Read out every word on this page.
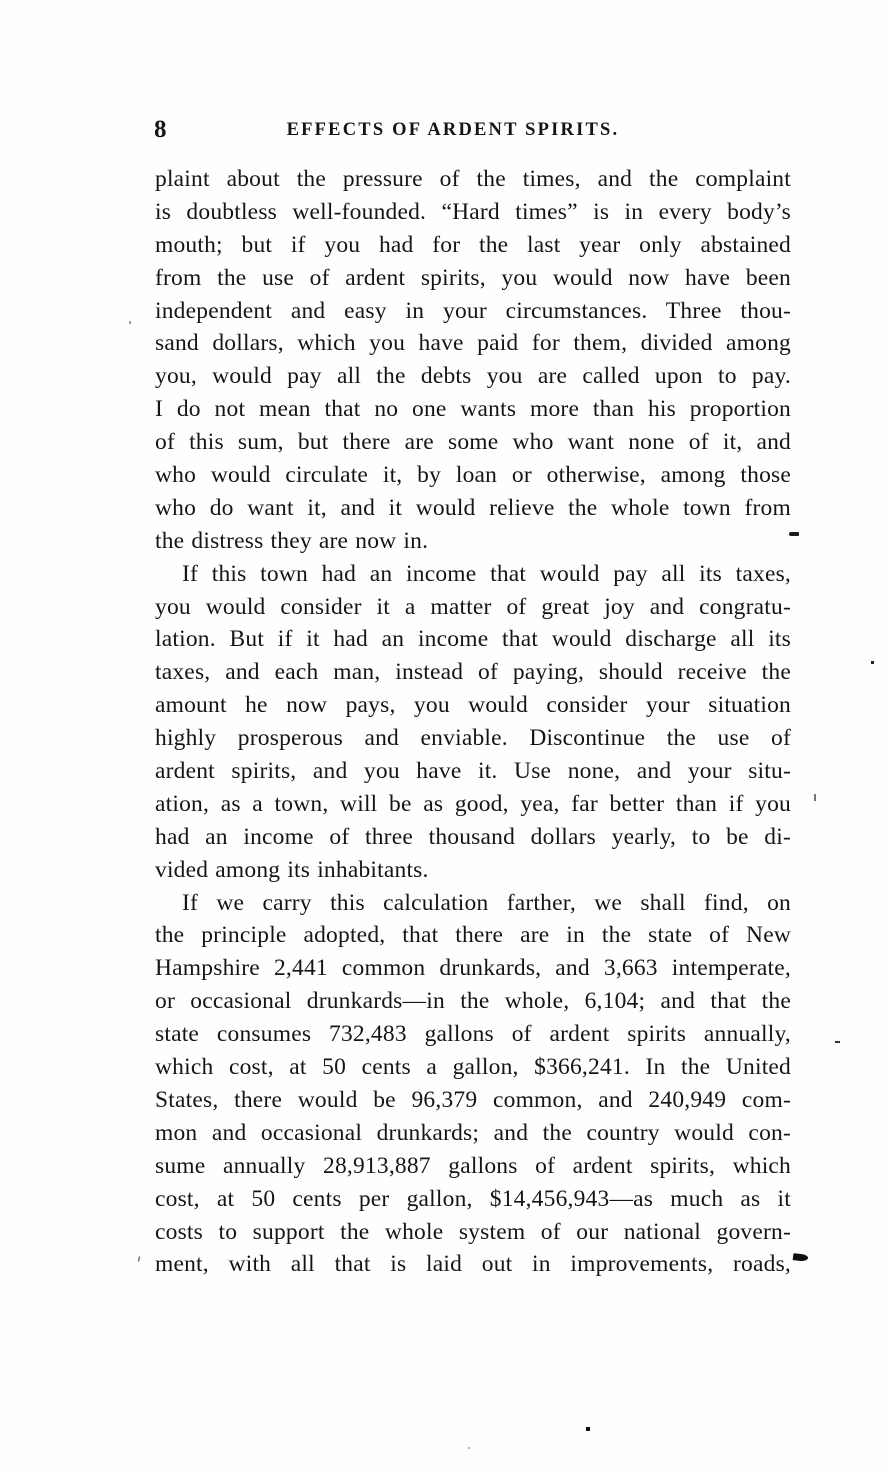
8	EFFECTS OF ARDENT SPIRITS.
plaint about the pressure of the times, and the complaint
is doubtless well-founded. “Hard times” is in every body’s
mouth; but if you had for the last year only abstained
from the use of ardent spirits, you would now have been
independent and easy in your circumstances. Three thou-
sand dollars, which you have paid for them, divided among
you, would pay all the debts you are called upon to pay.
I do not mean that no one wants more than his proportion
of this sum, but there are some who want none of it, and
who would circulate it, by loan or otherwise, among those
who do want it, and it would relieve the whole town from
the distress they are now in.
If this town had an income that would pay all its taxes,
you would consider it a matter of great joy and congratu-
lation. But if it had an income that would discharge all its
taxes, and each man, instead of paying, should receive the
amount he now pays, you would consider your situation
highly prosperous and enviable. Discontinue the use of
ardent spirits, and you have it. Use none, and your situ-
ation, as a town, will be as good, yea, far better than if you
had an income of three thousand dollars yearly, to be di-
vided among its inhabitants.
If we carry this calculation farther, we shall find, on
the principle adopted, that there are in the state of New
Hampshire 2,441 common drunkards, and 3,663 intemperate,
or occasional drunkards—in the whole, 6,104; and that the
state consumes 732,483 gallons of ardent spirits annually,
which cost, at 50 cents a gallon, $366,241. In the United
States, there would be 96,379 common, and 240,949 com-
mon and occasional drunkards; and the country would con-
sume annually 28,913,887 gallons of ardent spirits, which
cost, at 50 cents per gallon, $14,456,943—as much as it
costs to support the whole system of our national govern-
ment, with all that is laid out in improvements, roads,
